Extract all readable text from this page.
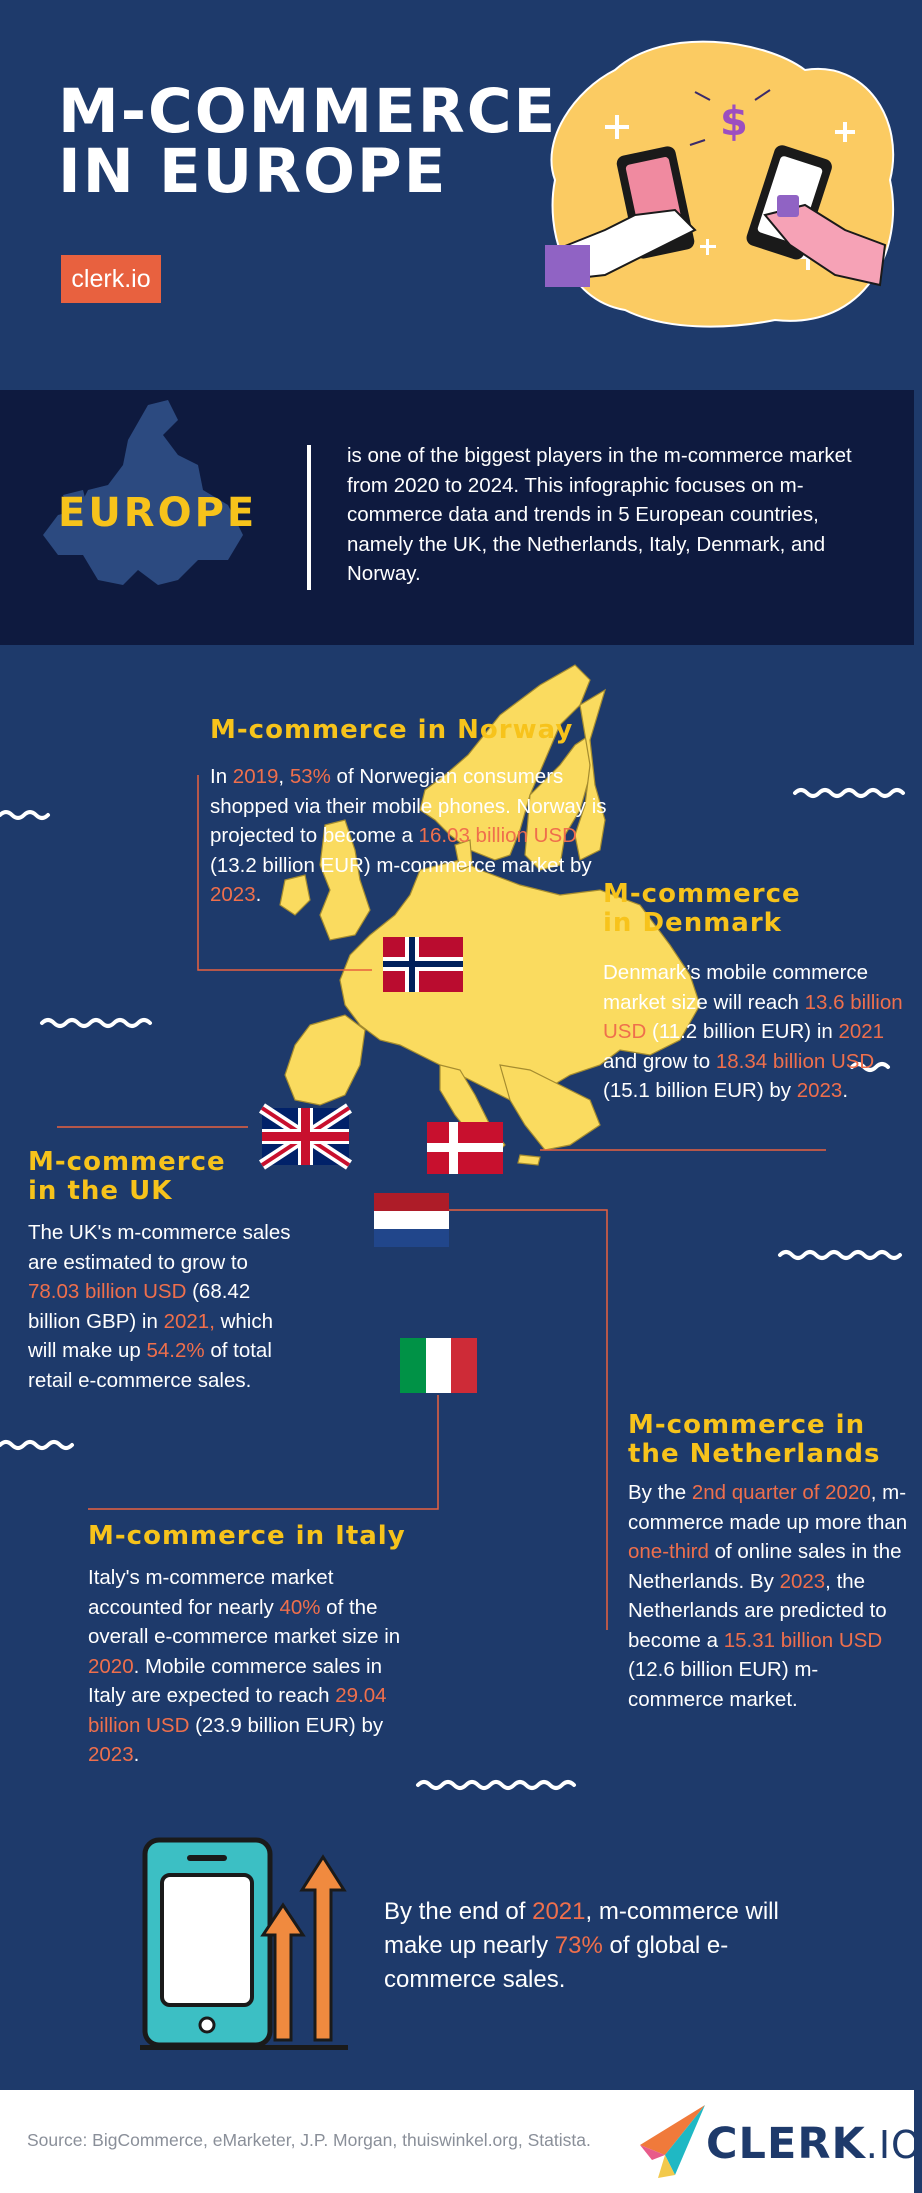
M-COMMERCE
IN EUROPE
clerk.io
$
EUROPE

is one of the biggest players in the m-commerce market from 2020 to 2024. This infographic focuses on m-commerce data and trends in 5 European countries, namely the UK, the Netherlands, Italy, Denmark, and Norway.

M-commerce in Norway

In 2019, 53% of Norwegian consumers shopped via their mobile phones. Norway is projected to become a 16.03 billion USD (13.2 billion EUR) m-commerce market by 2023.	M-commerce
in Denmark

Denmark’s mobile commerce market size will reach 13.6 billion USD (11.2 billion EUR) in 2021
and grow to 18.34 billion USD (15.1 billion EUR) by 2023.

M-commerce
in the UK

The UK's m-commerce sales are estimated to grow to 78.03 billion USD (68.42 billion GBP) in 2021, which will make up 54.2% of total retail e-commerce sales.

M-commerce in
the Netherlands

By the 2nd quarter of 2020, m-commerce made up more than one-third of online sales in the Netherlands. By 2023, the Netherlands are predicted to become a 15.31 billion USD (12.6 billion EUR) m-commerce market.

M-commerce in Italy

Italy's m-commerce market accounted for nearly 40% of the overall e-commerce market size in 2020. Mobile commerce sales in Italy are expected to reach 29.04 billion USD (23.9 billion EUR) by 2023.

By the end of 2021, m-commerce will make up nearly 73% of global e-commerce sales.

Source: BigCommerce, eMarketer, J.P. Morgan, thuiswinkel.org, Statista.	CLERK.IO
